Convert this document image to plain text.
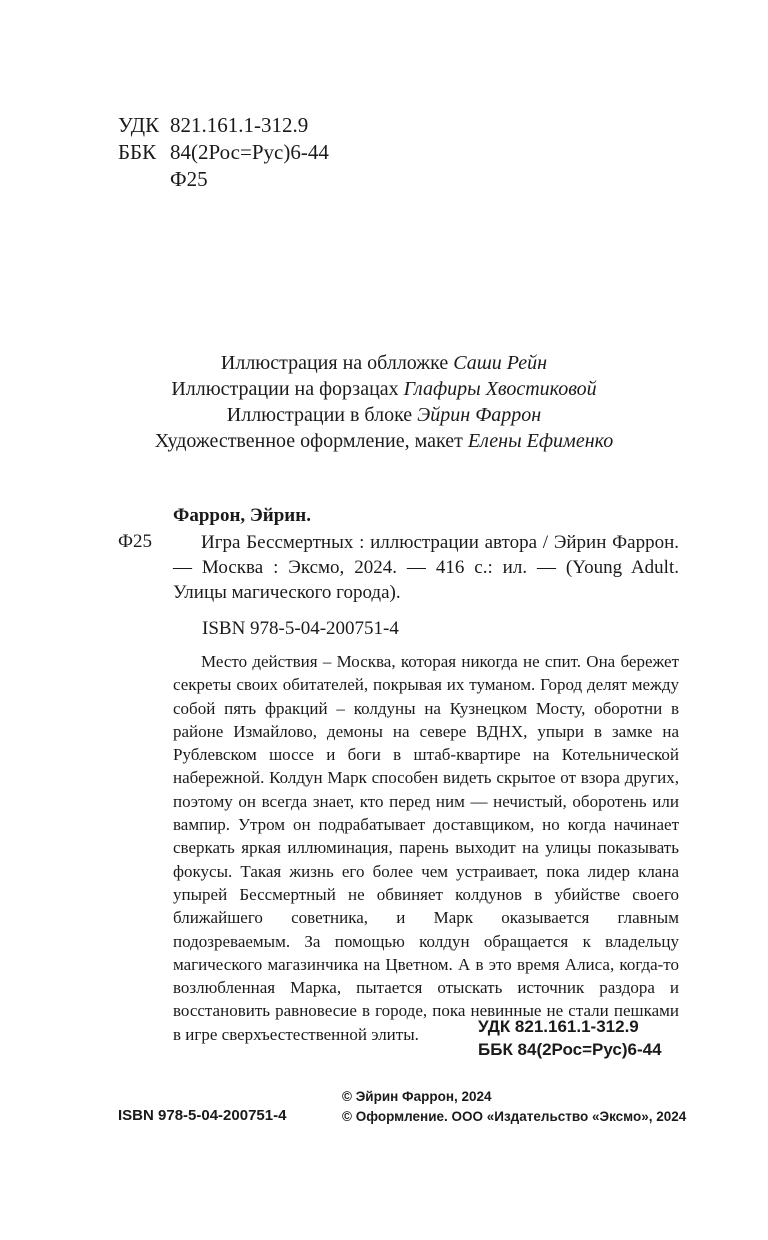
УДК 821.161.1-312.9
ББК 84(2Рос=Рус)6-44
Ф25
Иллюстрация на облложке Саши Рейн
Иллюстрации на форзацах Глафиры Хвостиковой
Иллюстрации в блоке Эйрин Фаррон
Художественное оформление, макет Елены Ефименко
Фаррон, Эйрин.
Ф25	Игра Бессмертных : иллюстрации автора / Эйрин Фаррон. — Москва : Эксмо, 2024. — 416 с.: ил. — (Young Adult. Улицы магического города).

ISBN 978-5-04-200751-4

Место действия – Москва, которая никогда не спит. Она бережет секреты своих обитателей, покрывая их туманом. Город делят между собой пять фракций – колдуны на Кузнецком Мосту, оборотни в районе Измайлово, демоны на севере ВДНХ, упыри в замке на Рублевском шоссе и боги в штаб-квартире на Котельнической набережной. Колдун Марк способен видеть скрытое от взора других, поэтому он всегда знает, кто перед ним — нечистый, оборотень или вампир. Утром он подрабатывает доставщиком, но когда начинает сверкать яркая иллюминация, парень выходит на улицы показывать фокусы. Такая жизнь его более чем устраивает, пока лидер клана упырей Бессмертный не обвиняет колдунов в убийстве своего ближайшего советника, и Марк оказывается главным подозреваемым. За помощью колдун обращается к владельцу магического магазинчика на Цветном. А в это время Алиса, когда-то возлюбленная Марка, пытается отыскать источник раздора и восстановить равновесие в городе, пока невинные не стали пешками в игре сверхъестественной элиты.	УДК 821.161.1-312.9
ББК 84(2Рос=Рус)6-44
© Эйрин Фаррон, 2024
© Оформление. ООО «Издательство «Эксмо», 2024
ISBN 978-5-04-200751-4
